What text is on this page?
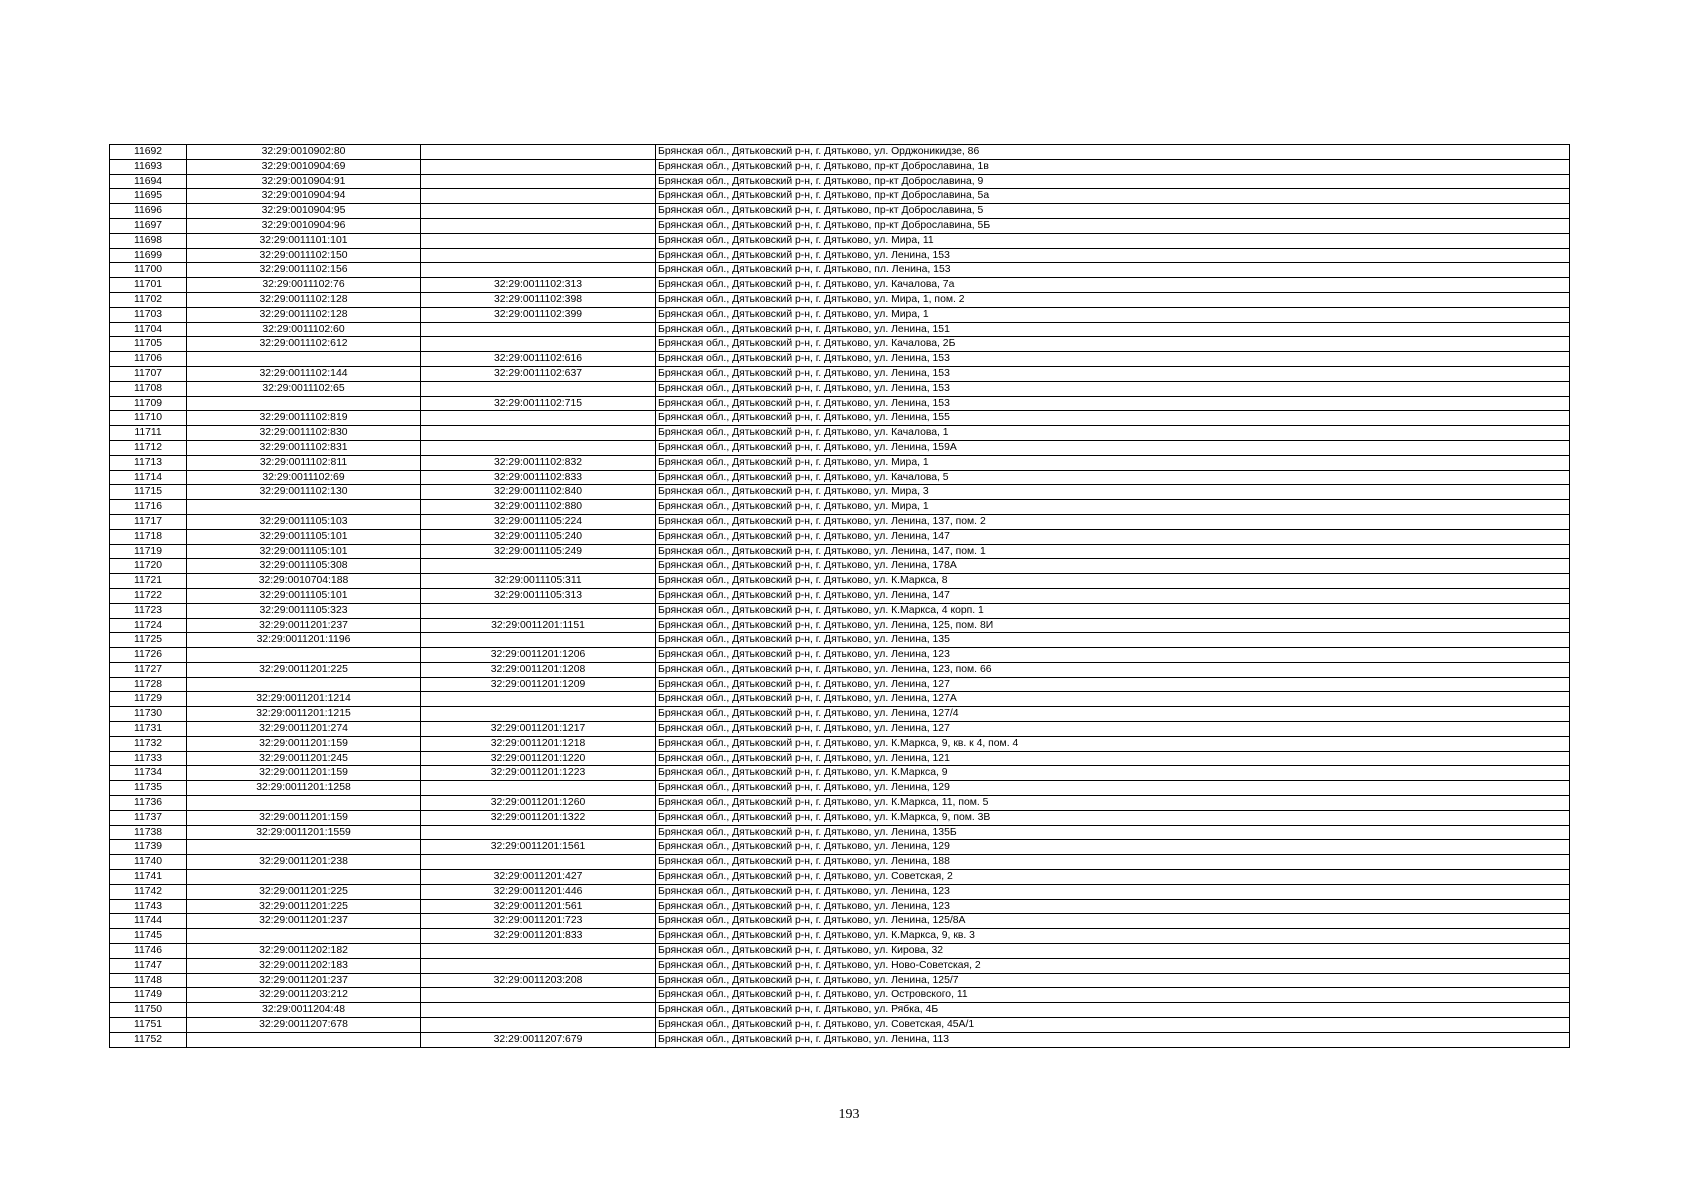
11692	32:29:0010902:80		Брянская обл., Дятьковский р-н, г. Дятьково, ул. Орджоникидзе, 86
11693	32:29:0010904:69		Брянская обл., Дятьковский р-н, г. Дятьково, пр-кт Доброславина, 1в
11694	32:29:0010904:91		Брянская обл., Дятьковский р-н, г. Дятьково, пр-кт Доброславина, 9
11695	32:29:0010904:94		Брянская обл., Дятьковский р-н, г. Дятьково, пр-кт Доброславина, 5а
11696	32:29:0010904:95		Брянская обл., Дятьковский р-н, г. Дятьково, пр-кт Доброславина, 5
11697	32:29:0010904:96		Брянская обл., Дятьковский р-н, г. Дятьково, пр-кт Доброславина, 5Б
11698	32:29:0011101:101		Брянская обл., Дятьковский р-н, г. Дятьково, ул. Мира, 11
11699	32:29:0011102:150		Брянская обл., Дятьковский р-н, г. Дятьково, ул. Ленина, 153
11700	32:29:0011102:156		Брянская обл., Дятьковский р-н, г. Дятьково, пл. Ленина, 153
11701	32:29:0011102:76	32:29:0011102:313	Брянская обл., Дятьковский р-н, г. Дятьково, ул. Качалова, 7а
11702	32:29:0011102:128	32:29:0011102:398	Брянская обл., Дятьковский р-н, г. Дятьково, ул. Мира, 1, пом. 2
11703	32:29:0011102:128	32:29:0011102:399	Брянская обл., Дятьковский р-н, г. Дятьково, ул. Мира, 1
11704	32:29:0011102:60		Брянская обл., Дятьковский р-н, г. Дятьково, ул. Ленина, 151
11705	32:29:0011102:612		Брянская обл., Дятьковский р-н, г. Дятьково, ул. Качалова, 2Б
11706		32:29:0011102:616	Брянская обл., Дятьковский р-н, г. Дятьково, ул. Ленина, 153
11707	32:29:0011102:144	32:29:0011102:637	Брянская обл., Дятьковский р-н, г. Дятьково, ул. Ленина, 153
11708	32:29:0011102:65		Брянская обл., Дятьковский р-н, г. Дятьково, ул. Ленина, 153
11709		32:29:0011102:715	Брянская обл., Дятьковский р-н, г. Дятьково, ул. Ленина, 153
11710	32:29:0011102:819		Брянская обл., Дятьковский р-н, г. Дятьково, ул. Ленина, 155
11711	32:29:0011102:830		Брянская обл., Дятьковский р-н, г. Дятьково, ул. Качалова, 1
11712	32:29:0011102:831		Брянская обл., Дятьковский р-н, г. Дятьково, ул. Ленина, 159А
11713	32:29:0011102:811	32:29:0011102:832	Брянская обл., Дятьковский р-н, г. Дятьково, ул. Мира, 1
11714	32:29:0011102:69	32:29:0011102:833	Брянская обл., Дятьковский р-н, г. Дятьково, ул. Качалова, 5
11715	32:29:0011102:130	32:29:0011102:840	Брянская обл., Дятьковский р-н, г. Дятьково, ул. Мира, 3
11716		32:29:0011102:880	Брянская обл., Дятьковский р-н, г. Дятьково, ул. Мира, 1
11717	32:29:0011105:103	32:29:0011105:224	Брянская обл., Дятьковский р-н, г. Дятьково, ул. Ленина, 137, пом. 2
11718	32:29:0011105:101	32:29:0011105:240	Брянская обл., Дятьковский р-н, г. Дятьково, ул. Ленина, 147
11719	32:29:0011105:101	32:29:0011105:249	Брянская обл., Дятьковский р-н, г. Дятьково, ул. Ленина, 147, пом. 1
11720	32:29:0011105:308		Брянская обл., Дятьковский р-н, г. Дятьково, ул. Ленина, 178А
11721	32:29:0010704:188	32:29:0011105:311	Брянская обл., Дятьковский р-н, г. Дятьково, ул. К.Маркса, 8
11722	32:29:0011105:101	32:29:0011105:313	Брянская обл., Дятьковский р-н, г. Дятьково, ул. Ленина, 147
11723	32:29:0011105:323		Брянская обл., Дятьковский р-н, г. Дятьково, ул. К.Маркса, 4 корп. 1
11724	32:29:0011201:237	32:29:0011201:1151	Брянская обл., Дятьковский р-н, г. Дятьково, ул. Ленина, 125, пом. 8И
11725	32:29:0011201:1196		Брянская обл., Дятьковский р-н, г. Дятьково, ул. Ленина, 135
11726		32:29:0011201:1206	Брянская обл., Дятьковский р-н, г. Дятьково, ул. Ленина, 123
11727	32:29:0011201:225	32:29:0011201:1208	Брянская обл., Дятьковский р-н, г. Дятьково, ул. Ленина, 123, пом. 66
11728		32:29:0011201:1209	Брянская обл., Дятьковский р-н, г. Дятьково, ул. Ленина, 127
11729	32:29:0011201:1214		Брянская обл., Дятьковский р-н, г. Дятьково, ул. Ленина, 127А
11730	32:29:0011201:1215		Брянская обл., Дятьковский р-н, г. Дятьково, ул. Ленина, 127/4
11731	32:29:0011201:274	32:29:0011201:1217	Брянская обл., Дятьковский р-н, г. Дятьково, ул. Ленина, 127
11732	32:29:0011201:159	32:29:0011201:1218	Брянская обл., Дятьковский р-н, г. Дятьково, ул. К.Маркса, 9, кв. к 4, пом. 4
11733	32:29:0011201:245	32:29:0011201:1220	Брянская обл., Дятьковский р-н, г. Дятьково, ул. Ленина, 121
11734	32:29:0011201:159	32:29:0011201:1223	Брянская обл., Дятьковский р-н, г. Дятьково, ул. К.Маркса, 9
11735	32:29:0011201:1258		Брянская обл., Дятьковский р-н, г. Дятьково, ул. Ленина, 129
11736		32:29:0011201:1260	Брянская обл., Дятьковский р-н, г. Дятьково, ул. К.Маркса, 11, пом. 5
11737	32:29:0011201:159	32:29:0011201:1322	Брянская обл., Дятьковский р-н, г. Дятьково, ул. К.Маркса, 9, пом. 3В
11738	32:29:0011201:1559		Брянская обл., Дятьковский р-н, г. Дятьково, ул. Ленина, 135Б
11739		32:29:0011201:1561	Брянская обл., Дятьковский р-н, г. Дятьково, ул. Ленина, 129
11740	32:29:0011201:238		Брянская обл., Дятьковский р-н, г. Дятьково, ул. Ленина, 188
11741		32:29:0011201:427	Брянская обл., Дятьковский р-н, г. Дятьково, ул. Советская, 2
11742	32:29:0011201:225	32:29:0011201:446	Брянская обл., Дятьковский р-н, г. Дятьково, ул. Ленина, 123
11743	32:29:0011201:225	32:29:0011201:561	Брянская обл., Дятьковский р-н, г. Дятьково, ул. Ленина, 123
11744	32:29:0011201:237	32:29:0011201:723	Брянская обл., Дятьковский р-н, г. Дятьково, ул. Ленина, 125/8А
11745		32:29:0011201:833	Брянская обл., Дятьковский р-н, г. Дятьково, ул. К.Маркса, 9, кв. 3
11746	32:29:0011202:182		Брянская обл., Дятьковский р-н, г. Дятьково, ул. Кирова, 32
11747	32:29:0011202:183		Брянская обл., Дятьковский р-н, г. Дятьково, ул. Ново-Советская, 2
11748	32:29:0011201:237	32:29:0011203:208	Брянская обл., Дятьковский р-н, г. Дятьково, ул. Ленина, 125/7
11749	32:29:0011203:212		Брянская обл., Дятьковский р-н, г. Дятьково, ул. Островского, 11
11750	32:29:0011204:48		Брянская обл., Дятьковский р-н, г. Дятьково, ул. Рябка, 4Б
11751	32:29:0011207:678		Брянская обл., Дятьковский р-н, г. Дятьково, ул. Советская, 45А/1
11752		32:29:0011207:679	Брянская обл., Дятьковский р-н, г. Дятьково, ул. Ленина, 113
193
